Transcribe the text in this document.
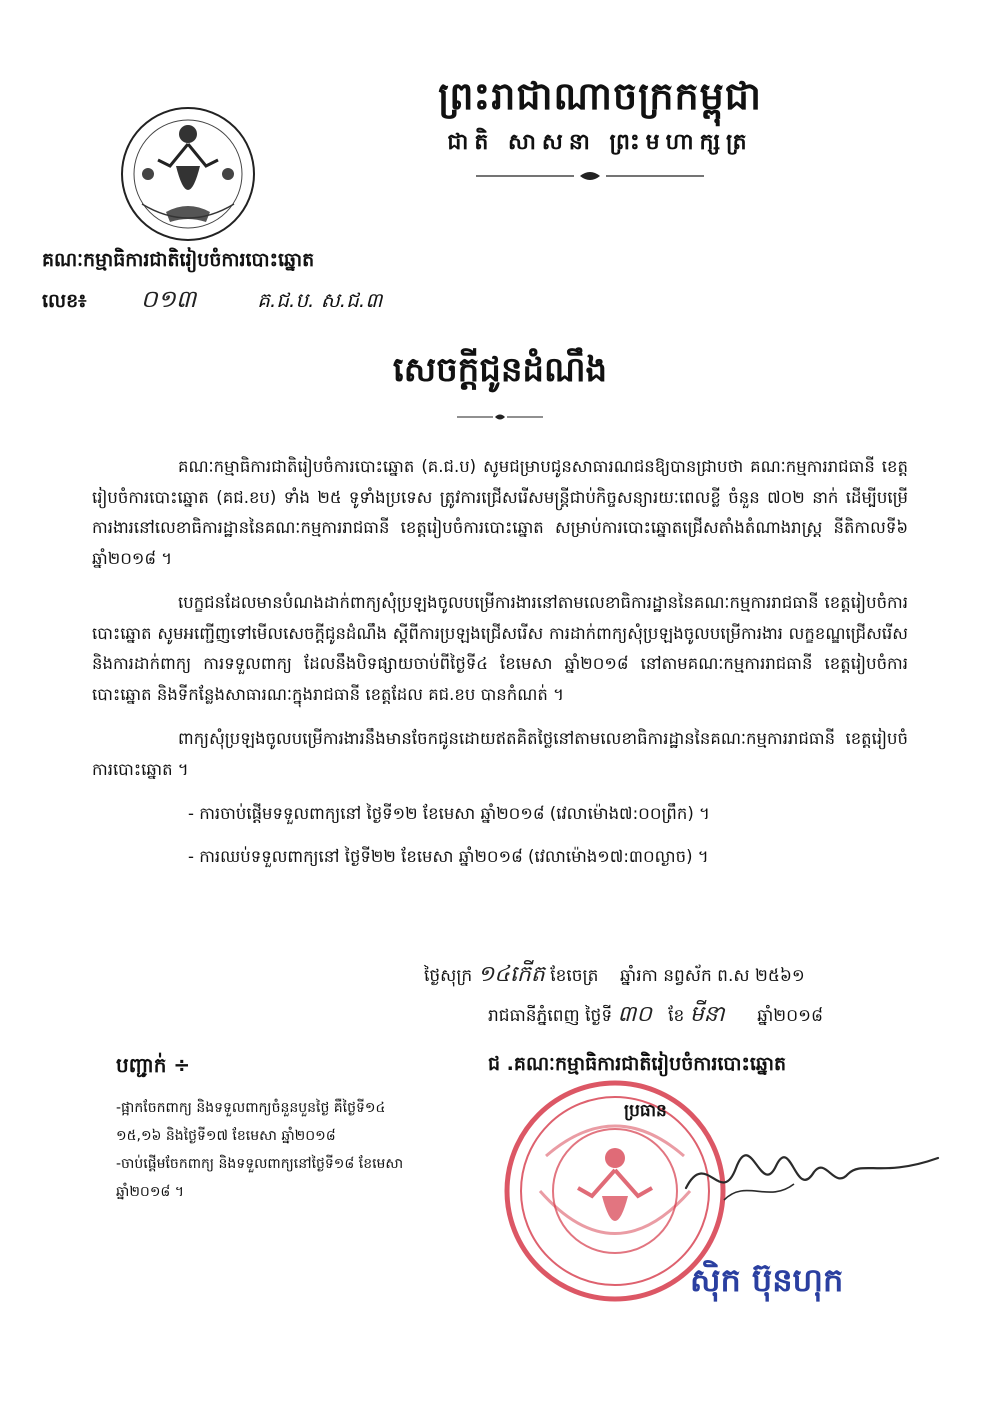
ព្រះរាជាណាចក្រកម្ពុជា
ជាតិ សាសនា ព្រះមហាក្សត្រ
គណៈកម្មាធិការជាតិរៀបចំការបោះឆ្នោត
លេខ៖ ០១៣	គ.ជ.ប. ស.ជ.៣
សេចក្តីជូនដំណឹង

គណៈកម្មាធិការជាតិរៀបចំការបោះឆ្នោត (គ.ជ.ប) សូមជម្រាបជូនសាធារណជនឱ្យបានជ្រាបថា គណៈកម្មការរាជធានី ខេត្តរៀបចំការបោះឆ្នោត (គជ.ខប) ទាំង ២៥ ទូទាំងប្រទេស ត្រូវការជ្រើសរើសមន្ត្រីជាប់កិច្ចសន្យារយៈពេលខ្លី ចំនួន ៧០២ នាក់ ដើម្បីបម្រើការងារនៅលេខាធិការដ្ឋាននៃគណៈកម្មការរាជធានី ខេត្តរៀបចំការបោះឆ្នោត សម្រាប់ការបោះឆ្នោតជ្រើសតាំងតំណាងរាស្ត្រ នីតិកាលទី៦ ឆ្នាំ២០១៨ ។

បេក្ខជនដែលមានបំណងដាក់ពាក្យសុំប្រឡងចូលបម្រើការងារនៅតាមលេខាធិការដ្ឋាននៃគណៈកម្មការរាជធានី ខេត្តរៀបចំការបោះឆ្នោត សូមអញ្ជើញទៅមើលសេចក្តីជូនដំណឹង ស្តីពីការប្រឡងជ្រើសរើស ការដាក់ពាក្យសុំប្រឡងចូលបម្រើការងារ លក្ខខណ្ឌជ្រើសរើស និងការដាក់ពាក្យ ការទទួលពាក្យ ដែលនឹងបិទផ្សាយចាប់ពីថ្ងៃទី៤ ខែមេសា ឆ្នាំ២០១៨ នៅតាមគណៈកម្មការរាជធានី ខេត្តរៀបចំការបោះឆ្នោត និងទីកន្លែងសាធារណៈក្នុងរាជធានី ខេត្តដែល គជ.ខប បានកំណត់ ។

ពាក្យសុំប្រឡងចូលបម្រើការងារនឹងមានចែកជូនដោយឥតគិតថ្លៃនៅតាមលេខាធិការដ្ឋាននៃគណៈកម្មការរាជធានី ខេត្តរៀបចំការបោះឆ្នោត ។

- ការចាប់ផ្តើមទទួលពាក្យនៅ ថ្ងៃទី១២ ខែមេសា ឆ្នាំ២០១៨ (វេលាម៉ោង៧:០០ព្រឹក) ។

- ការឈប់ទទួលពាក្យនៅ ថ្ងៃទី២២ ខែមេសា ឆ្នាំ២០១៨ (វេលាម៉ោង១៧:៣០ល្ងាច) ។

ថ្ងៃសុក្រ ១៤កើត ខែចេត្រ ឆ្នាំរកា នព្វស័ក ព.ស ២៥៦១
រាជធានីភ្នំពេញ ថ្ងៃទី ៣០ ខែ មីនា ឆ្នាំ២០១៨
បញ្ជាក់ ÷
-ផ្អាកចែកពាក្យ និងទទួលពាក្យចំនួនបួនថ្ងៃ គឺថ្ងៃទី១៤
១៥,១៦ និងថ្ងៃទី១៧ ខែមេសា ឆ្នាំ២០១៨
-ចាប់ផ្តើមចែកពាក្យ និងទទួលពាក្យនៅថ្ងៃទី១៨ ខែមេសា ឆ្នាំ២០១៨ ។
ជ .គណៈកម្មាធិការជាតិរៀបចំការបោះឆ្នោត
ប្រធាន
ស៊ិក ប៊ុនហុក
